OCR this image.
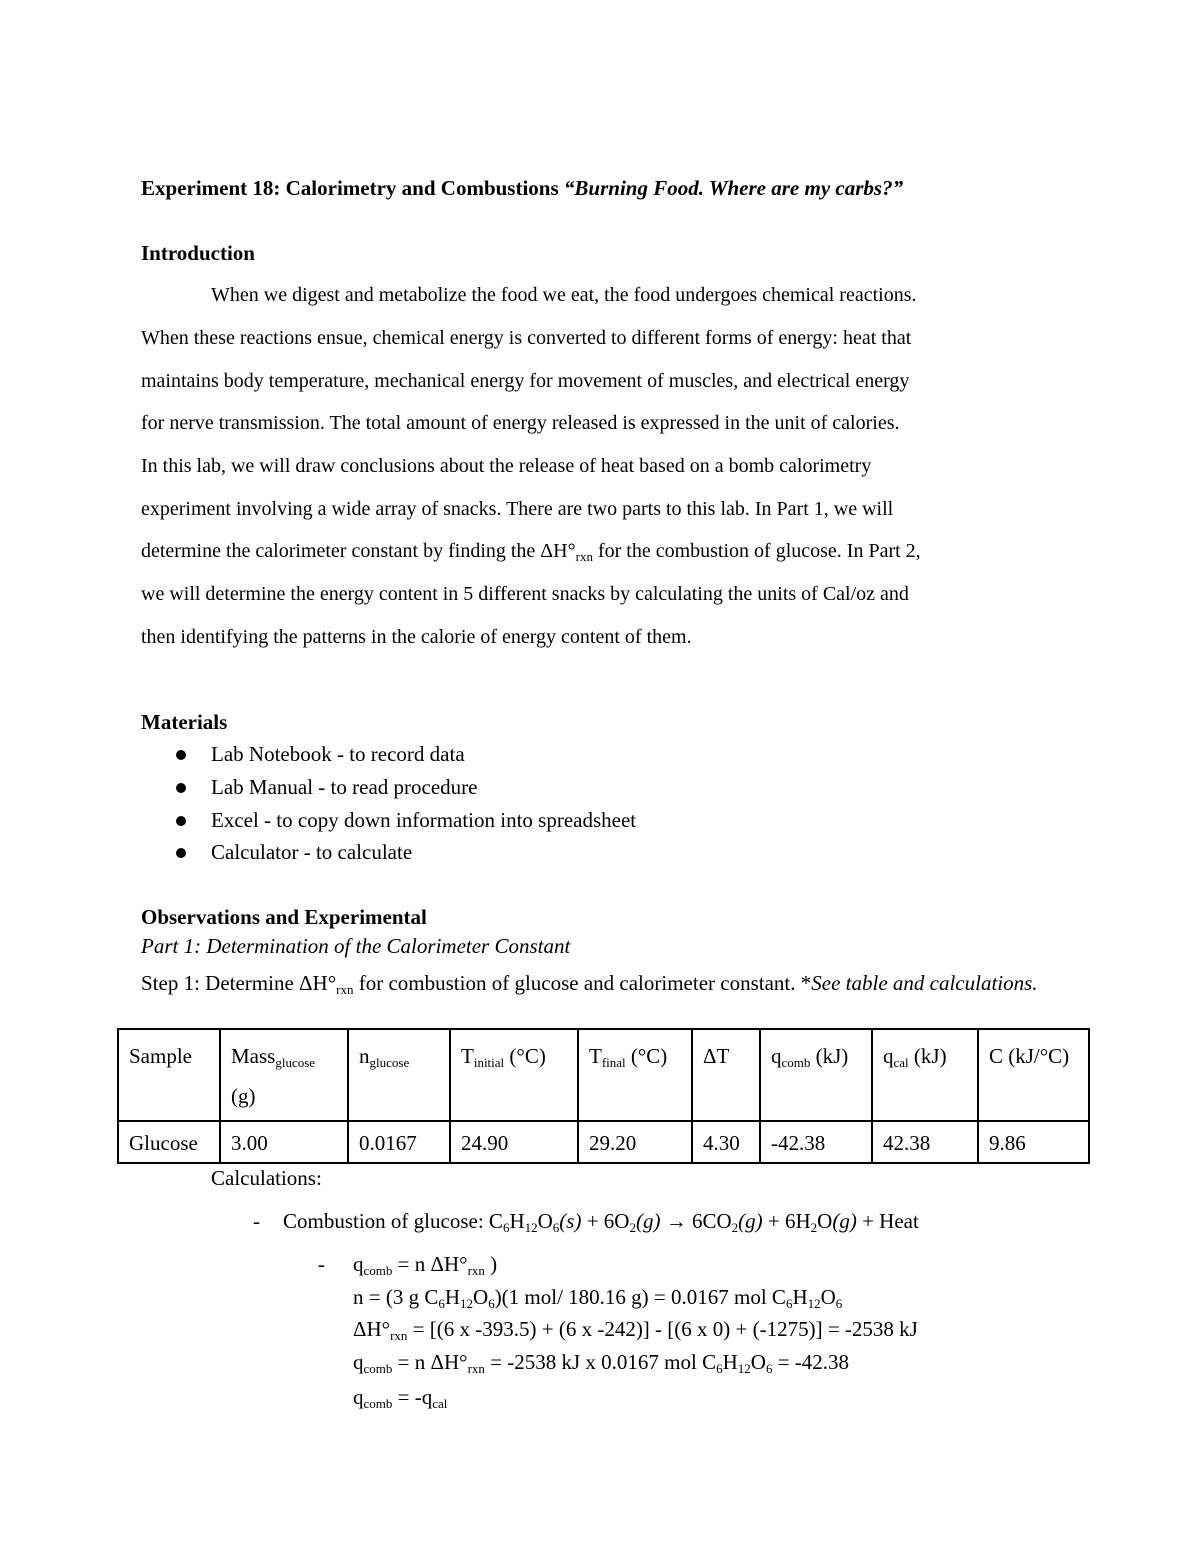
Experiment 18: Calorimetry and Combustions “Burning Food. Where are my carbs?”

Introduction

When we digest and metabolize the food we eat, the food undergoes chemical reactions.

When these reactions ensue, chemical energy is converted to different forms of energy: heat that

maintains body temperature, mechanical energy for movement of muscles, and electrical energy

for nerve transmission. The total amount of energy released is expressed in the unit of calories.

In this lab, we will draw conclusions about the release of heat based on a bomb calorimetry

experiment involving a wide array of snacks. There are two parts to this lab. In Part 1, we will

determine the calorimeter constant by finding the $\Delta H^\circ_{rxn}$ for the combustion of glucose. In Part 2,

we will determine the energy content in 5 different snacks by calculating the units of Cal/oz and

then identifying the patterns in the calorie of energy content of them.

Materials

Lab Notebook - to record data

Lab Manual - to read procedure

Excel - to copy down information into spreadsheet

Calculator - to calculate

Observations and Experimental

Part 1: Determination of the Calorimeter Constant

Step 1: Determine $\Delta H^\circ_{rxn}$ for combustion of glucose and calorimeter constant. *See table and calculations.

Sample	Mass$_{glucose}$
(g)	$n_{glucose}$	$T_{initial}$ (°C)	$T_{final}$ (°C)	ΔT	$q_{comb}$ (kJ)	$q_{cal}$ (kJ)	C (kJ/°C)
Glucose	3.00	0.0167	24.90	29.20	4.30	-42.38	42.38	9.86

Calculations:

- Combustion of glucose: $C_6H_{12}O_6(s) + 6O_2(g) \to 6CO_2(g) + 6H_2O(g)$ + Heat

- $q_{comb} = n$ $\Delta H^\circ_{rxn}$ )

n = (3 g $C_6H_{12}O_6)(1$ mol/ 180.16 g) = 0.0167 mol $C_6H_{12}O_6$

$\Delta H^\circ_{rxn} = [(6$ x -393.5) + (6 x -242)] - [(6 x 0) + (-1275)] = -2538 kJ

$q_{comb} = n$ $\Delta H^\circ_{rxn} = -2538$ kJ x 0.0167 mol $C_6H_{12}O_6 = -42.38$

$q_{comb} = -q_{cal}$
